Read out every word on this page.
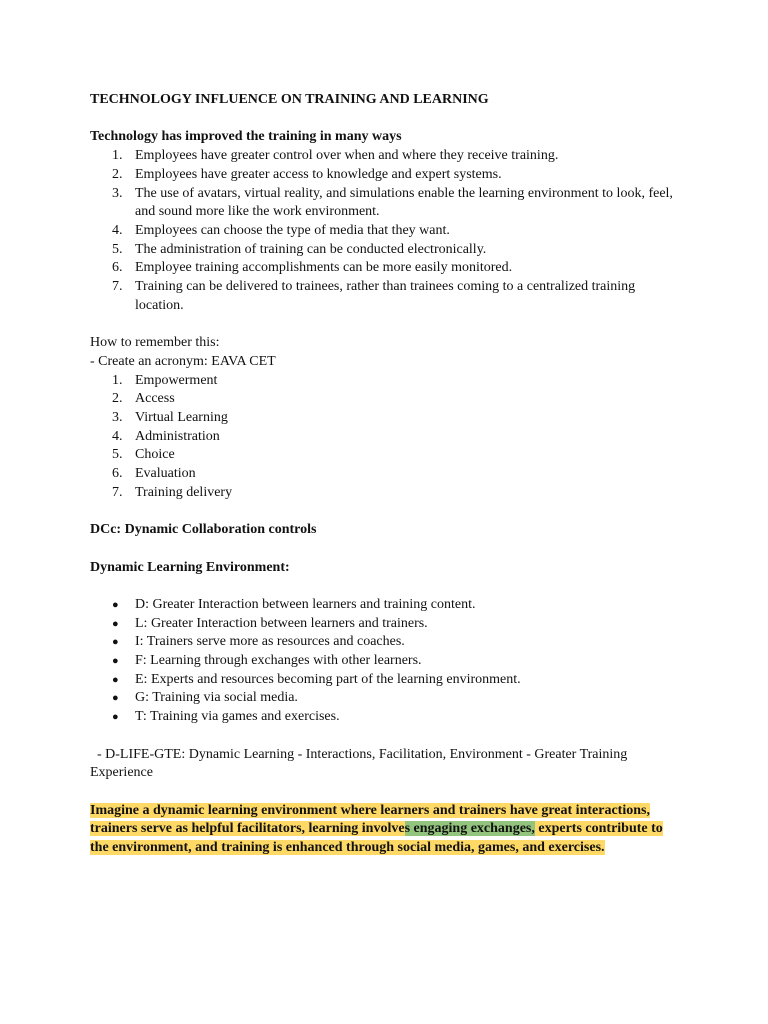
TECHNOLOGY INFLUENCE ON TRAINING AND LEARNING
Technology has improved the training in many ways
1. Employees have greater control over when and where they receive training.
2. Employees have greater access to knowledge and expert systems.
3. The use of avatars, virtual reality, and simulations enable the learning environment to look, feel, and sound more like the work environment.
4. Employees can choose the type of media that they want.
5. The administration of training can be conducted electronically.
6. Employee training accomplishments can be more easily monitored.
7. Training can be delivered to trainees, rather than trainees coming to a centralized training location.
How to remember this:
- Create an acronym: EAVA CET
1. Empowerment
2. Access
3. Virtual Learning
4. Administration
5. Choice
6. Evaluation
7. Training delivery
DCc: Dynamic Collaboration controls
Dynamic Learning Environment:
● D: Greater Interaction between learners and training content.
● L: Greater Interaction between learners and trainers.
● I: Trainers serve more as resources and coaches.
● F: Learning through exchanges with other learners.
● E: Experts and resources becoming part of the learning environment.
● G: Training via social media.
● T: Training via games and exercises.
- D-LIFE-GTE: Dynamic Learning - Interactions, Facilitation, Environment - Greater Training Experience
Imagine a dynamic learning environment where learners and trainers have great interactions, trainers serve as helpful facilitators, learning involves engaging exchanges, experts contribute to the environment, and training is enhanced through social media, games, and exercises.
